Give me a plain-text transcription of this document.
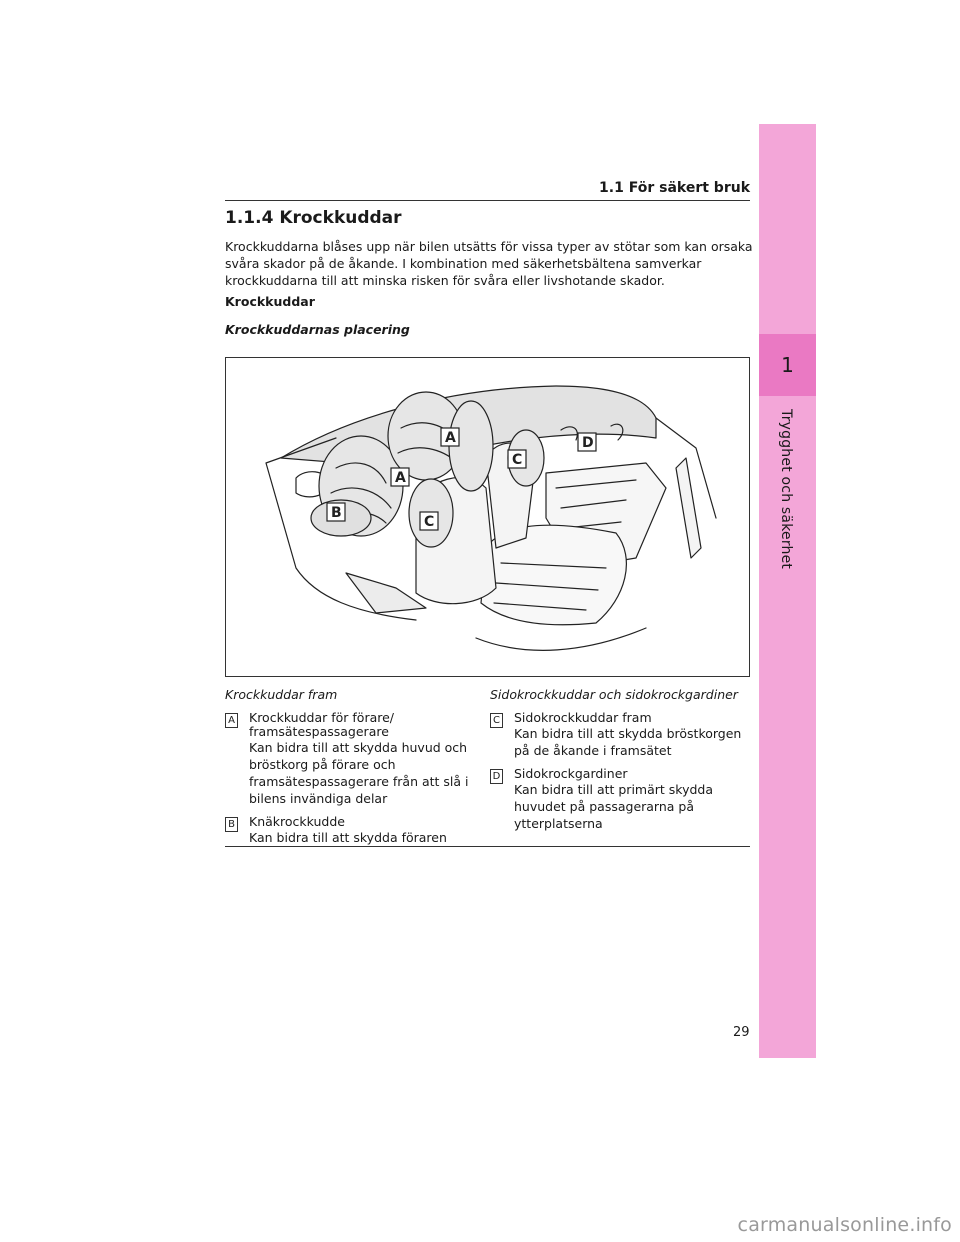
1
Trygghet och säkerhet
1.1 För säkert bruk
1.1.4 Krockkuddar

Krockkuddarna blåses upp när bilen utsätts för vissa typer av stötar som kan orsaka svåra skador på de åkande. I kombination med säkerhetsbältena samverkar krockkuddarna till att minska risken för svåra eller livshotande skador.

Krockkuddar
Krockkuddarnas placering
A
A
B
C
C
D
Krockkuddar fram
A Krockkuddar för förare/ framsätespassagerare
Kan bidra till att skydda huvud och bröstkorg på förare och framsätespassagerare från att slå i bilens invändiga delar
B Knäkrockkudde
Kan bidra till att skydda föraren
Sidokrockkuddar och sidokrockgardiner
C Sidokrockkuddar fram
Kan bidra till att skydda bröstkorgen på de åkande i framsätet
D Sidokrockgardiner
Kan bidra till att primärt skydda huvudet på passagerarna på ytterplatserna
29
carmanualsonline.info
